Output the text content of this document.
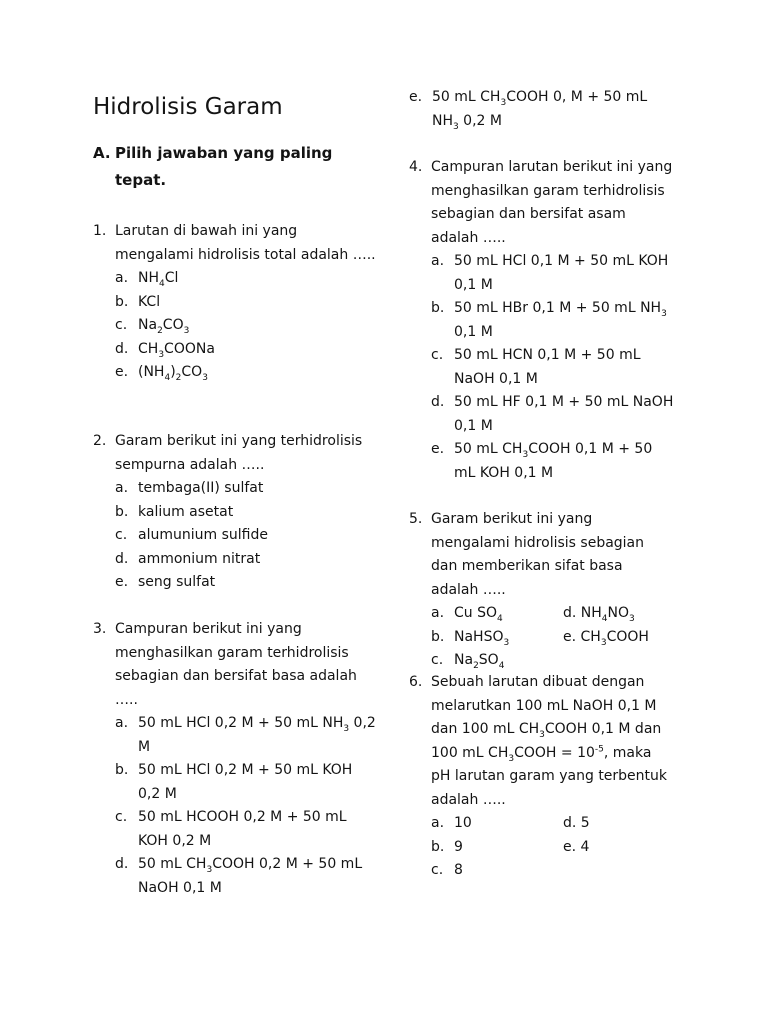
Hidrolisis Garam
A. Pilih jawaban yang paling tepat.
1. Larutan di bawah ini yang mengalami hidrolisis total adalah …..
a. $NH_4Cl$
b. KCl
c. $Na_2CO_3$
d. $CH_3COONa$
e. $(NH_4)_2CO_3$
2. Garam berikut ini yang terhidrolisis sempurna adalah …..
a. tembaga(II) sulfat
b. kalium asetat
c. alumunium sulfide
d. ammonium nitrat
e. seng sulfat
3. Campuran berikut ini yang menghasilkan garam terhidrolisis sebagian dan bersifat basa adalah …..
a. 50 mL HCl 0,2 M + 50 mL $NH_3$ 0,2 M
b. 50 mL HCl 0,2 M + 50 mL KOH 0,2 M
c. 50 mL HCOOH 0,2 M + 50 mL KOH 0,2 M
d. 50 mL $CH_3COOH$ 0,2 M + 50 mL NaOH 0,1 M
e. 50 mL $CH_3COOH$ 0, M + 50 mL $NH_3$ 0,2 M
4. Campuran larutan berikut ini yang menghasilkan garam terhidrolisis sebagian dan bersifat asam adalah …..
a. 50 mL HCl 0,1 M + 50 mL KOH 0,1 M
b. 50 mL HBr 0,1 M + 50 mL $NH_3$ 0,1 M
c. 50 mL HCN 0,1 M + 50 mL NaOH 0,1 M
d. 50 mL HF 0,1 M + 50 mL NaOH 0,1 M
e. 50 mL $CH_3COOH$ 0,1 M + 50 mL KOH 0,1 M
5. Garam berikut ini yang mengalami hidrolisis sebagian dan memberikan sifat basa adalah …..
a. Cu $SO_4$	d. $NH_4NO_3$
b. NaHSO$_3$	e. $CH_3COOH$
c. $Na_2SO_4$
6. Sebuah larutan dibuat dengan melarutkan 100 mL NaOH 0,1 M dan 100 mL $CH_3COOH$ 0,1 M dan 100 mL $CH_3COOH = 10^{-5}$, maka pH larutan garam yang terbentuk adalah …..
a. 10	d. 5
b. 9	e. 4
c. 8
